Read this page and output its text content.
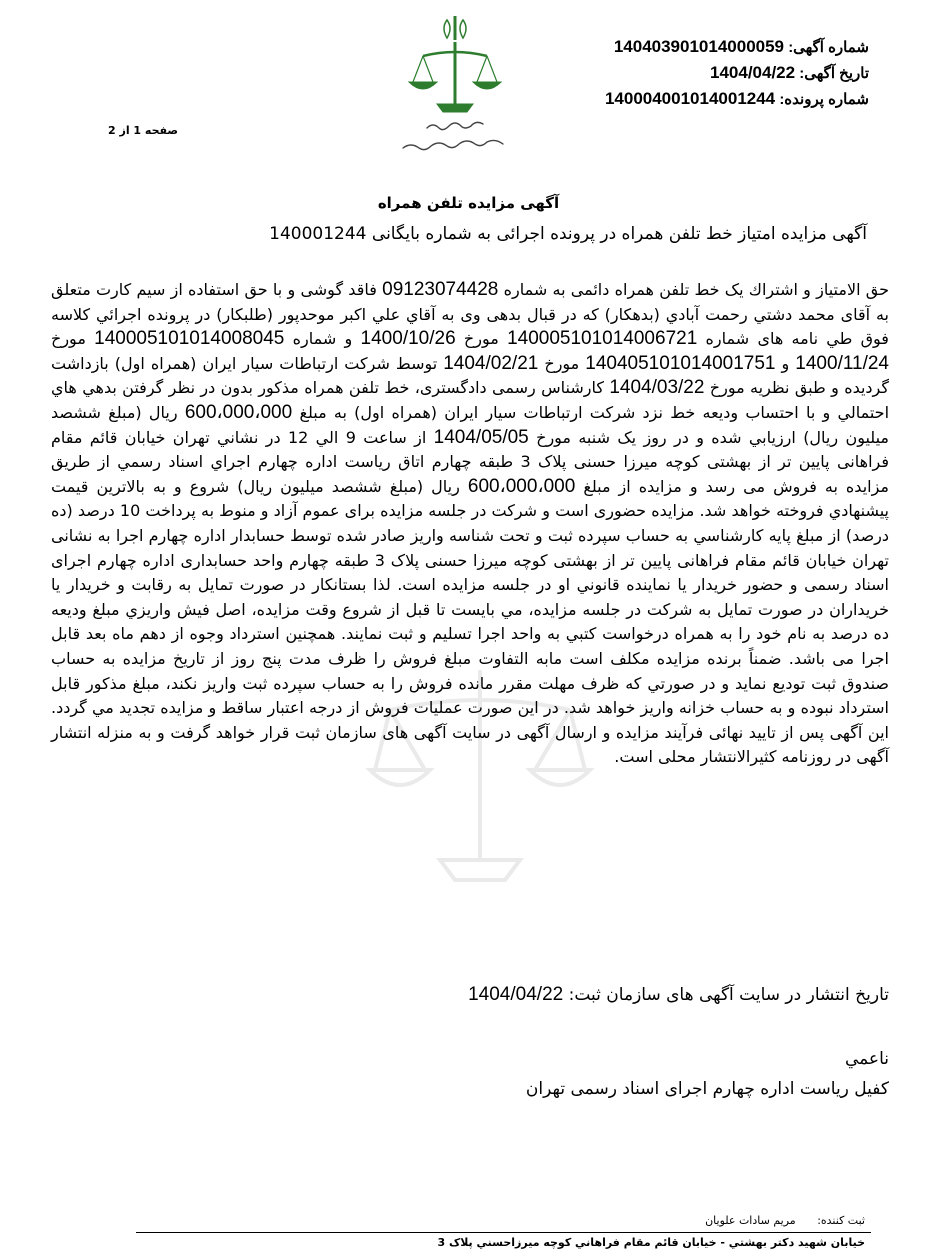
شماره آگهی: 140403901014000059
تاریخ آگهی: 1404/04/22
شماره پرونده: 140004001014001244
صفحه 1 از 2
آگهی مزایده تلفن همراه
آگهی مزایده امتیاز خط تلفن همراه در پرونده اجرائی به شماره بایگانی 140001244
حق الامتیاز و اشتراك یک خط تلفن همراه دائمی به شماره 09123074428 فاقد گوشی و با حق استفاده از سیم کارت متعلق به آقای محمد دشتي رحمت آبادي (بدهکار) که در قبال بدهی وی به آقاي علي اکبر موحدپور (طلبکار) در پرونده اجرائي کلاسه فوق طي نامه های شماره 140005101014006721 مورخ 1400/10/26 و شماره 140005101014008045 مورخ 1400/11/24 و 140405101014001751 مورخ 1404/02/21 توسط شرکت ارتباطات سیار ایران (همراه اول) بازداشت گردیده و طبق نظریه مورخ 1404/03/22 کارشناس رسمی دادگستری، خط تلفن همراه مذکور بدون در نظر گرفتن بدهي هاي احتمالي و با احتساب ودیعه خط نزد شرکت ارتباطات سیار ایران (همراه اول) به مبلغ 600،000،000 ریال (مبلغ ششصد میلیون ریال) ارزیابي شده و در روز یک شنبه مورخ 1404/05/05 از ساعت 9 الي 12 در نشاني تهران خیابان قائم مقام فراهانی پایین تر از بهشتی کوچه میرزا حسنی پلاک 3 طبقه چهارم اتاق ریاست اداره چهارم اجراي اسناد رسمي از طریق مزایده به فروش می رسد و مزایده از مبلغ 600،000،000 ریال (مبلغ ششصد میلیون ریال) شروع و به بالاترین قیمت پیشنهادي فروخته خواهد شد. مزایده حضوری است و شرکت در جلسه مزایده برای عموم آزاد و منوط به پرداخت 10 درصد (ده درصد) از مبلغ پایه کارشناسي به حساب سپرده ثبت و تحت شناسه واریز صادر شده توسط حسابدار اداره چهارم اجرا به نشانی تهران خیابان قائم مقام فراهانی پایین تر از بهشتی کوچه میرزا حسنی پلاک 3 طبقه چهارم واحد حسابداری اداره چهارم اجرای اسناد رسمی و حضور خریدار یا نماینده قانوني او در جلسه مزایده است. لذا بستانکار در صورت تمایل به رقابت و خریدار یا خریداران در صورت تمایل به شرکت در جلسه مزایده، مي بایست تا قبل از شروع وقت مزایده، اصل فیش واریزي مبلغ ودیعه ده درصد به نام خود را به همراه درخواست کتبي به واحد اجرا تسلیم و ثبت نمایند. همچنین استرداد وجوه از دهم ماه بعد قابل اجرا می باشد. ضمناً برنده مزایده مکلف است مابه التفاوت مبلغ فروش را ظرف مدت پنج روز از تاریخ مزایده به حساب صندوق ثبت تودیع نماید و در صورتي که ظرف مهلت مقرر مانده فروش را به حساب سپرده ثبت واریز نکند، مبلغ مذکور قابل استرداد نبوده و به حساب خزانه واریز خواهد شد. در این صورت عملیات فروش از درجه اعتبار ساقط و مزایده تجدید مي گردد. این آگهی پس از تایید نهائی فرآیند مزایده و ارسال آگهی در سایت آگهی های سازمان ثبت قرار خواهد گرفت و به منزله انتشار آگهی در روزنامه کثیرالانتشار محلی است.
تاریخ انتشار در سایت آگهی های سازمان ثبت: 1404/04/22
ناعمي
کفیل ریاست اداره چهارم اجرای اسناد رسمی تهران
ثبت کننده: مریم سادات علویان
خیابان شهید دکتر بهشتي - خیابان قائم مقام فراهاني کوچه میرزاحسني پلاک 3
